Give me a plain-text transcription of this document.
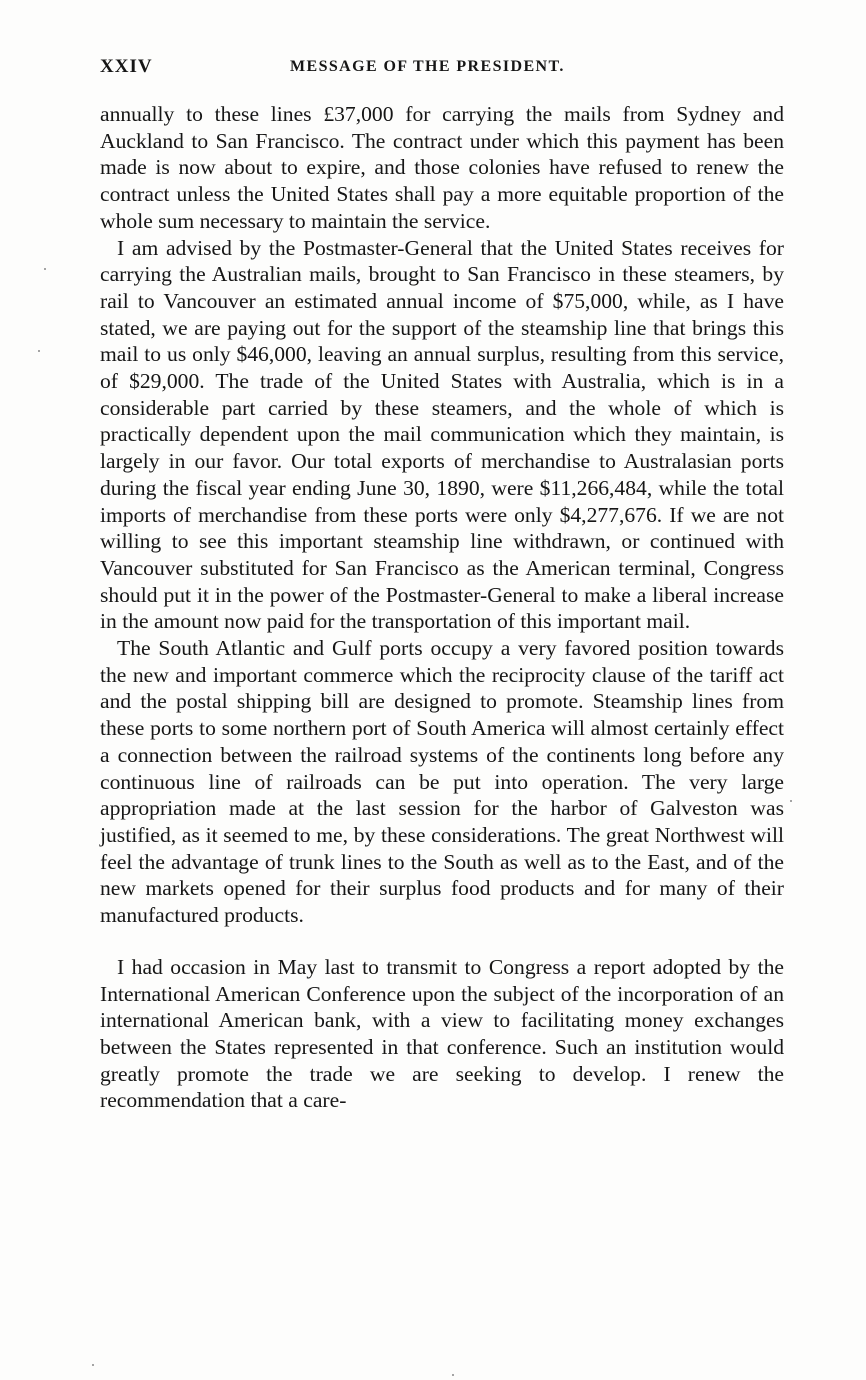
XXIV	MESSAGE OF THE PRESIDENT.

annually to these lines £37,000 for carrying the mails from Sydney and Auckland to San Francisco. The contract under which this payment has been made is now about to expire, and those colonies have refused to renew the contract unless the United States shall pay a more equitable proportion of the whole sum necessary to maintain the service.

I am advised by the Postmaster-General that the United States receives for carrying the Australian mails, brought to San Francisco in these steamers, by rail to Vancouver an estimated annual income of $75,000, while, as I have stated, we are paying out for the support of the steamship line that brings this mail to us only $46,000, leaving an annual surplus, resulting from this service, of $29,000. The trade of the United States with Australia, which is in a considerable part carried by these steamers, and the whole of which is practically dependent upon the mail communication which they maintain, is largely in our favor. Our total exports of merchandise to Australasian ports during the fiscal year ending June 30, 1890, were $11,266,484, while the total imports of merchandise from these ports were only $4,277,676. If we are not willing to see this important steamship line withdrawn, or continued with Vancouver substituted for San Francisco as the American terminal, Congress should put it in the power of the Postmaster-General to make a liberal increase in the amount now paid for the transportation of this important mail.

The South Atlantic and Gulf ports occupy a very favored position towards the new and important commerce which the reciprocity clause of the tariff act and the postal shipping bill are designed to promote. Steamship lines from these ports to some northern port of South America will almost certainly effect a connection between the railroad systems of the continents long before any continuous line of railroads can be put into operation. The very large appropriation made at the last session for the harbor of Galveston was justified, as it seemed to me, by these considerations. The great Northwest will feel the advantage of trunk lines to the South as well as to the East, and of the new markets opened for their surplus food products and for many of their manufactured products.

I had occasion in May last to transmit to Congress a report adopted by the International American Conference upon the subject of the incorporation of an international American bank, with a view to facilitating money exchanges between the States represented in that conference. Such an institution would greatly promote the trade we are seeking to develop. I renew the recommendation that a care-
